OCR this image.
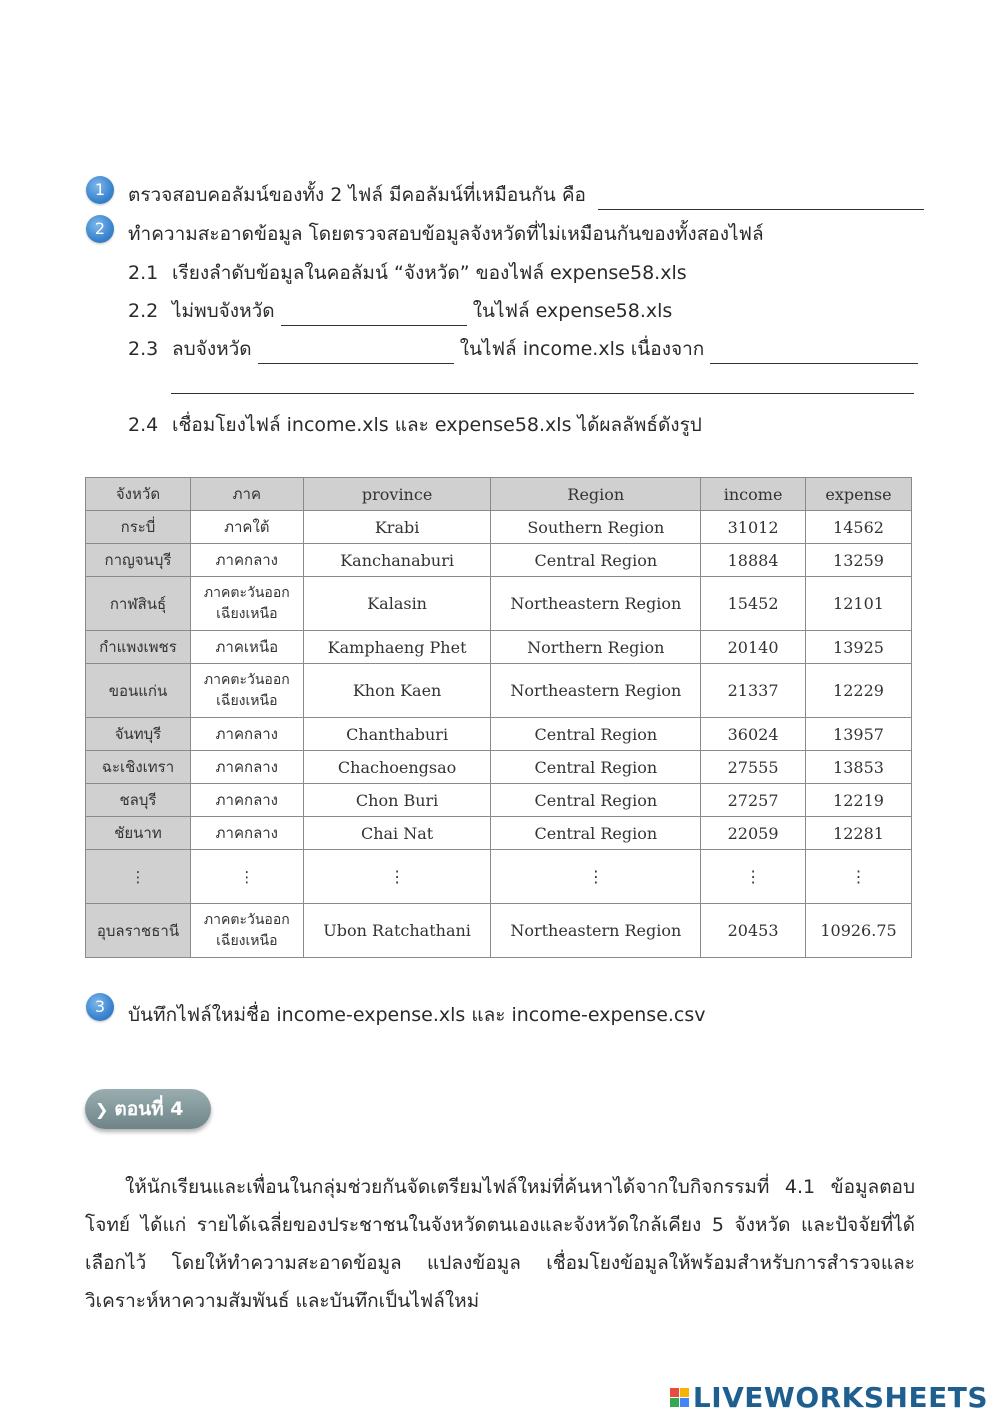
1	ตรวจสอบคอลัมน์ของทั้ง 2 ไฟล์ มีคอลัมน์ที่เหมือนกัน คือ
2	ทำความสะอาดข้อมูล โดยตรวจสอบข้อมูลจังหวัดที่ไม่เหมือนกันของทั้งสองไฟล์
2.1 เรียงลำดับข้อมูลในคอลัมน์ “จังหวัด” ของไฟล์ expense58.xls
2.2 ไม่พบจังหวัด	ในไฟล์ expense58.xls
2.3 ลบจังหวัด	ในไฟล์ income.xls เนื่องจาก
2.4 เชื่อมโยงไฟล์ income.xls และ expense58.xls ได้ผลลัพธ์ดังรูป
จังหวัด	ภาค	province	Region	income	expense
กระบี่	ภาคใต้	Krabi	Southern Region	31012	14562
กาญจนบุรี	ภาคกลาง	Kanchanaburi	Central Region	18884	13259
กาฬสินธุ์	ภาคตะวันออก
เฉียงเหนือ	Kalasin	Northeastern Region	15452	12101
กำแพงเพชร	ภาคเหนือ	Kamphaeng Phet	Northern Region	20140	13925
ขอนแก่น	ภาคตะวันออก
เฉียงเหนือ	Khon Kaen	Northeastern Region	21337	12229
จันทบุรี	ภาคกลาง	Chanthaburi	Central Region	36024	13957
ฉะเชิงเทรา	ภาคกลาง	Chachoengsao	Central Region	27555	13853
ชลบุรี	ภาคกลาง	Chon Buri	Central Region	27257	12219
ชัยนาท	ภาคกลาง	Chai Nat	Central Region	22059	12281
⋮	⋮	⋮	⋮	⋮	⋮
อุบลราชธานี	ภาคตะวันออก
เฉียงเหนือ	Ubon Ratchathani	Northeastern Region	20453	10926.75
3	บันทึกไฟล์ใหม่ชื่อ income-expense.xls และ income-expense.csv
❯ ตอนที่ 4
ให้นักเรียนและเพื่อนในกลุ่มช่วยกันจัดเตรียมไฟล์ใหม่ที่ค้นหาได้จากใบกิจกรรมที่ 4.1 ข้อมูลตอบโจทย์ ได้แก่ รายได้เฉลี่ยของประชาชนในจังหวัดตนเองและจังหวัดใกล้เคียง 5 จังหวัด และปัจจัยที่ได้เลือกไว้ โดยให้ทำความสะอาดข้อมูล แปลงข้อมูล เชื่อมโยงข้อมูลให้พร้อมสำหรับการสำรวจและวิเคราะห์หาความสัมพันธ์ และบันทึกเป็นไฟล์ใหม่
LIVEWORKSHEETS
